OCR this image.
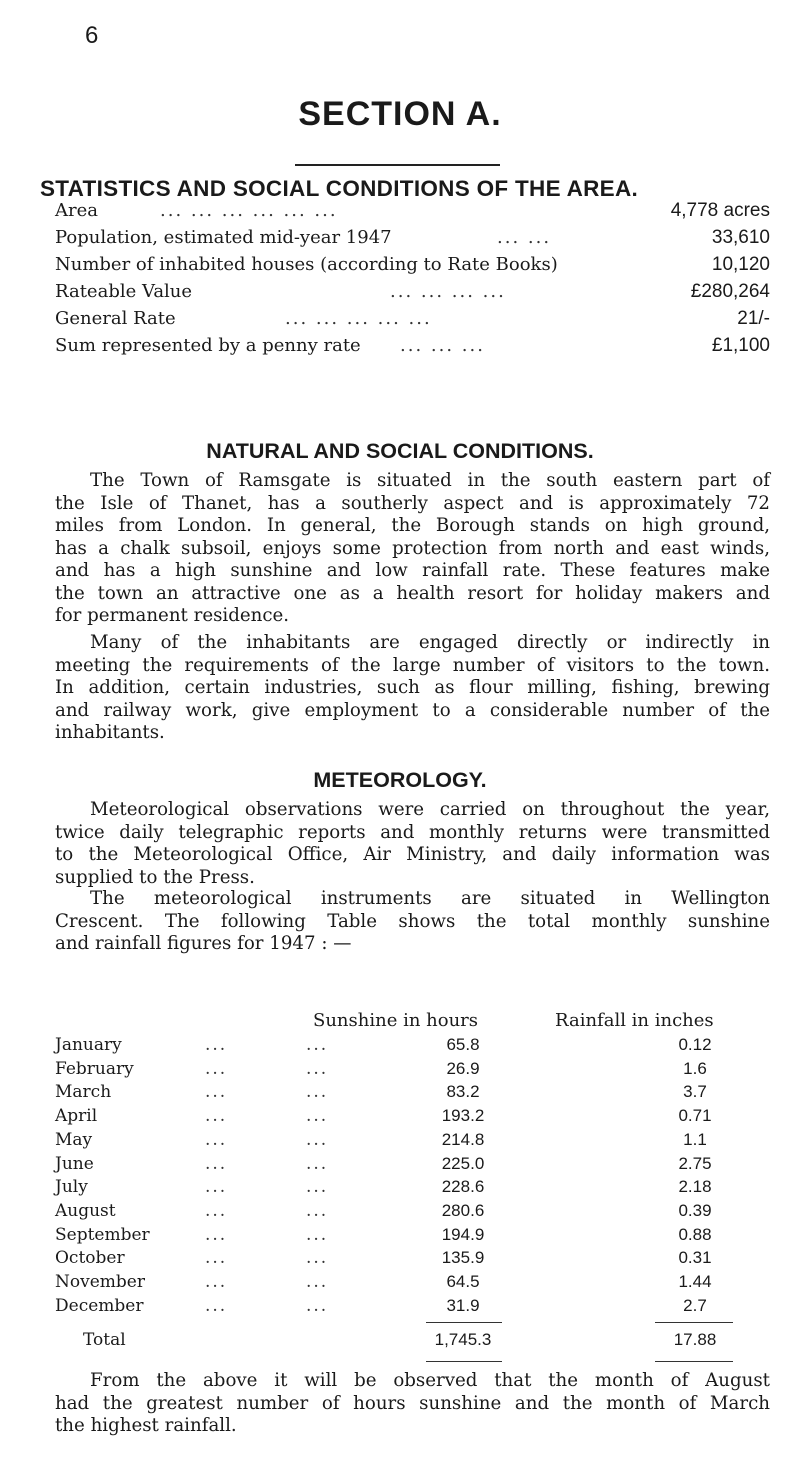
6
SECTION A.
STATISTICS AND SOCIAL CONDITIONS OF THE AREA.
Area	... ... ... ... ... ...	4,778 acres
Population, estimated mid-year 1947	... ...	33,610
Number of inhabited houses (according to Rate Books)	10,120
Rateable Value	... ... ... ...	£280,264
General Rate	... ... ... ... ...	21/-
Sum represented by a penny rate ... ... ...	£1,100
NATURAL AND SOCIAL CONDITIONS.
The Town of Ramsgate is situated in the south eastern part of
the Isle of Thanet, has a southerly aspect and is approximately 72
miles from London. In general, the Borough stands on high ground,
has a chalk subsoil, enjoys some protection from north and east winds,
and has a high sunshine and low rainfall rate. These features make
the town an attractive one as a health resort for holiday makers and
for permanent residence.
Many of the inhabitants are engaged directly or indirectly in
meeting the requirements of the large number of visitors to the town.
In addition, certain industries, such as flour milling, fishing, brewing
and railway work, give employment to a considerable number of the
inhabitants.
METEOROLOGY.
Meteorological observations were carried on throughout the year,
twice daily telegraphic reports and monthly returns were transmitted
to the Meteorological Office, Air Ministry, and daily information was
supplied to the Press.
The meteorological instruments are situated in Wellington
Crescent. The following Table shows the total monthly sunshine
and rainfall figures for 1947 : —
Sunshine in hours	Rainfall in inches
January	...	...	65.8	0.12
February	...	...	26.9	1.6
March	...	...	83.2	3.7
April	...	...	193.2	0.71
May	...	...	214.8	1.1
June	...	...	225.0	2.75
July	...	...	228.6	2.18
August	...	...	280.6	0.39
September	...	...	194.9	0.88
October	...	...	135.9	0.31
November	...	...	64.5	1.44
December	...	...	31.9	2.7
Total	1,745.3	17.88
From the above it will be observed that the month of August
had the greatest number of hours sunshine and the month of March
the highest rainfall.
